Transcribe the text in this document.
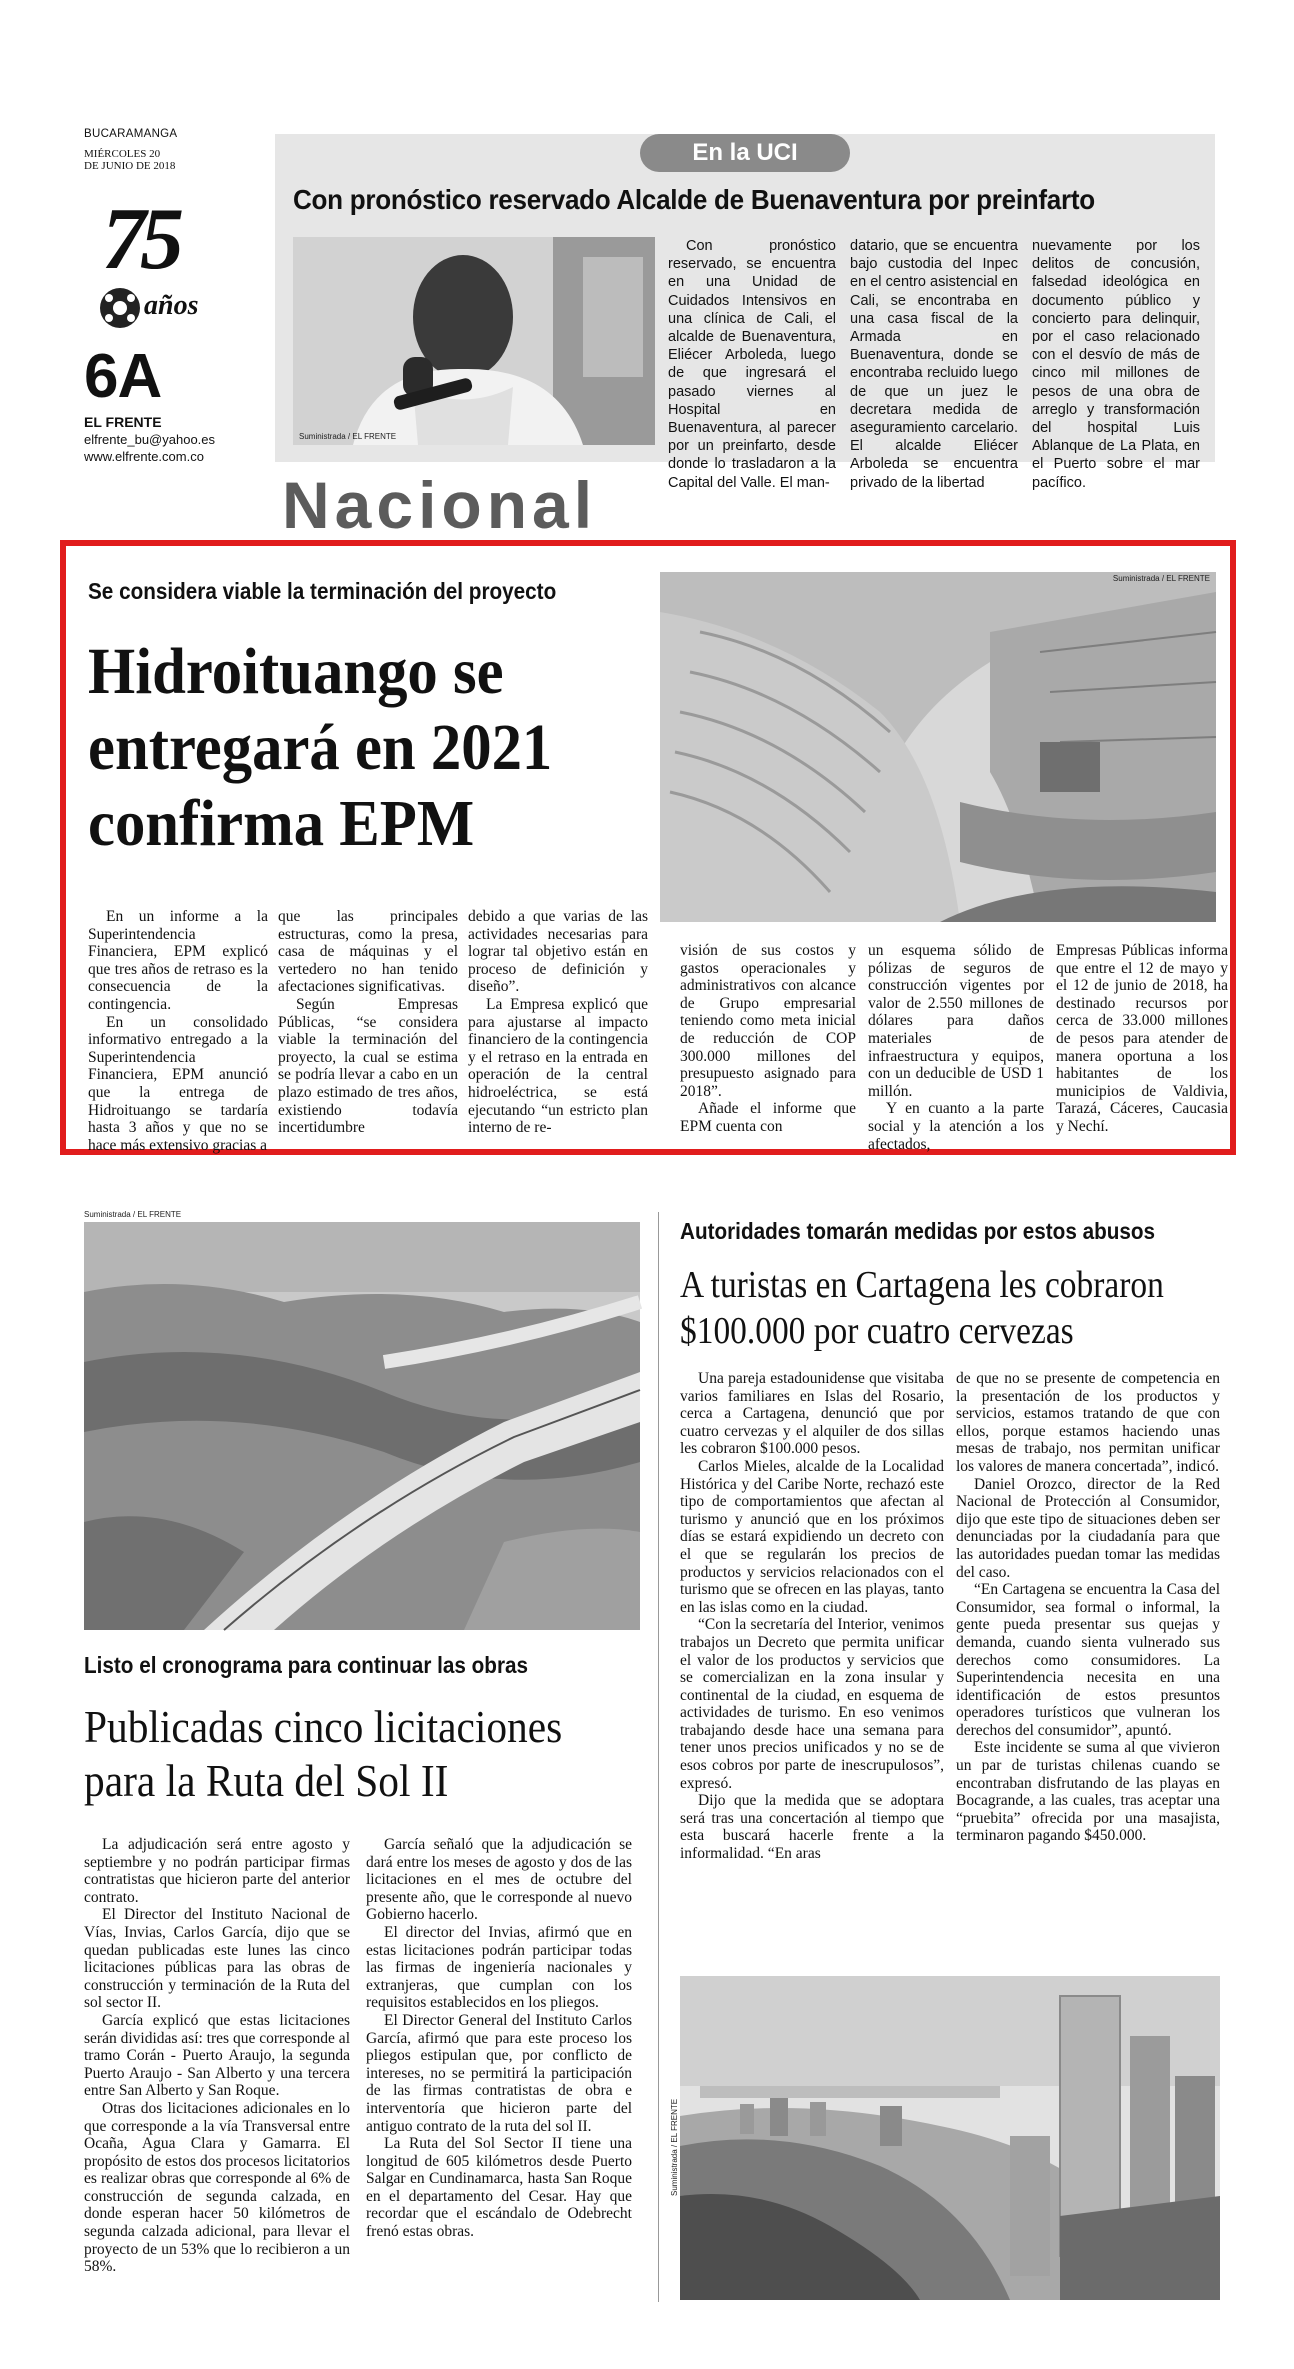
BUCARAMANGA
MIÉRCOLES 20
DE JUNIO DE 2018
75
años
6A
EL FRENTE
elfrente_bu@yahoo.es
www.elfrente.com.co
En la UCI
Con pronóstico reservado Alcalde de Buenaventura por preinfarto
Suministrada / EL FRENTE

Con pronóstico reservado, se encuentra en una Unidad de Cuidados Intensivos en una clínica de Cali, el alcalde de Buenaventura, Eliécer Arboleda, luego de que ingresará el pasado viernes al Hospital en Buenaventura, al parecer por un preinfarto, desde donde lo trasladaron a la Capital del Valle. El man-

datario, que se encuentra bajo custodia del Inpec en el centro asistencial en Cali, se encontraba en una casa fiscal de la Armada en Buenaventura, donde se encontraba recluido luego de que un juez le decretara medida de aseguramiento carcelario. El alcalde Eliécer Arboleda se encuentra privado de la libertad

nuevamente por los delitos de concusión, falsedad ideológica en documento público y concierto para delinquir, por el caso relacionado con el desvío de más de cinco mil millones de pesos de una obra de arreglo y transformación del hospital Luis Ablanque de La Plata, en el Puerto sobre el mar pacífico.

Nacional
Se considera viable la terminación del proyecto
Hidroituango se
entregará en 2021
confirma EPM
Suministrada / EL FRENTE

En un informe a la Superintendencia Financiera, EPM explicó que tres años de retraso es la consecuencia de la contingencia.

En un consolidado informativo entregado a la Superintendencia Financiera, EPM anunció que la entrega de Hidroituango se tardaría hasta 3 años y que no se hace más extensivo gracias a

que las principales estructuras, como la presa, casa de máquinas y el vertedero no han tenido afectaciones significativas.

Según Empresas Públicas, “se considera viable la terminación del proyecto, la cual se estima se podría llevar a cabo en un plazo estimado de tres años, existiendo todavía incertidumbre

debido a que varias de las actividades necesarias para lograr tal objetivo están en proceso de definición y diseño”.

La Empresa explicó que para ajustarse al impacto financiero de la contingencia y el retraso en la entrada en operación de la central hidroeléctrica, se está ejecutando “un estricto plan interno de re-

visión de sus costos y gastos operacionales y administrativos con alcance de Grupo empresarial teniendo como meta inicial de reducción de COP 300.000 millones del presupuesto asignado para 2018”.

Añade el informe que EPM cuenta con

un esquema sólido de pólizas de seguros de construcción vigentes por valor de 2.550 millones de dólares para daños materiales de infraestructura y equipos, con un deducible de USD 1 millón.

Y en cuanto a la parte social y la atención a los afectados,

Empresas Públicas informa que entre el 12 de mayo y el 12 de junio de 2018, ha destinado recursos por cerca de 33.000 millones de pesos para atender de manera oportuna a los habitantes de los municipios de Valdivia, Tarazá, Cáceres, Caucasia y Nechí.

Suministrada / EL FRENTE
Listo el cronograma para continuar las obras
Publicadas cinco licitaciones
para la Ruta del Sol II

La adjudicación será entre agosto y septiembre y no podrán participar firmas contratistas que hicieron parte del anterior contrato.

El Director del Instituto Nacional de Vías, Invias, Carlos García, dijo que se quedan publicadas este lunes las cinco licitaciones públicas para las obras de construcción y terminación de la Ruta del sol sector II.

García explicó que estas licitaciones serán divididas así: tres que corresponde al tramo Corán - Puerto Araujo, la segunda Puerto Araujo - San Alberto y una tercera entre San Alberto y San Roque.

Otras dos licitaciones adicionales en lo que corresponde a la vía Transversal entre Ocaña, Agua Clara y Gamarra. El propósito de estos dos procesos licitatorios es realizar obras que corresponde al 6% de construcción de segunda calzada, en donde esperan hacer 50 kilómetros de segunda calzada adicional, para llevar el proyecto de un 53% que lo recibieron a un 58%.

García señaló que la adjudicación se dará entre los meses de agosto y dos de las licitaciones en el mes de octubre del presente año, que le corresponde al nuevo Gobierno hacerlo.

El director del Invias, afirmó que en estas licitaciones podrán participar todas las firmas de ingeniería nacionales y extranjeras, que cumplan con los requisitos establecidos en los pliegos.

El Director General del Instituto Carlos García, afirmó que para este proceso los pliegos estipulan que, por conflicto de intereses, no se permitirá la participación de las firmas contratistas de obra e interventoría que hicieron parte del antiguo contrato de la ruta del sol II.

La Ruta del Sol Sector II tiene una longitud de 605 kilómetros desde Puerto Salgar en Cundinamarca, hasta San Roque en el departamento del Cesar. Hay que recordar que el escándalo de Odebrecht frenó estas obras.

Autoridades tomarán medidas por estos abusos
A turistas en Cartagena les cobraron
$100.000 por cuatro cervezas

Una pareja estadounidense que visitaba varios familiares en Islas del Rosario, cerca a Cartagena, denunció que por cuatro cervezas y el alquiler de dos sillas les cobraron $100.000 pesos.

Carlos Mieles, alcalde de la Localidad Histórica y del Caribe Norte, rechazó este tipo de comportamientos que afectan al turismo y anunció que en los próximos días se estará expidiendo un decreto con el que se regularán los precios de productos y servicios relacionados con el turismo que se ofrecen en las playas, tanto en las islas como en la ciudad.

“Con la secretaría del Interior, venimos trabajos un Decreto que permita unificar el valor de los productos y servicios que se comercializan en la zona insular y continental de la ciudad, en esquema de actividades de turismo. En eso venimos trabajando desde hace una semana para tener unos precios unificados y no se de esos cobros por parte de inescrupulosos”, expresó.

Dijo que la medida que se adoptara será tras una concertación al tiempo que esta buscará hacerle frente a la informalidad. “En aras

de que no se presente de competencia en la presentación de los productos y servicios, estamos tratando de que con ellos, porque estamos haciendo unas mesas de trabajo, nos permitan unificar los valores de manera concertada”, indicó.

Daniel Orozco, director de la Red Nacional de Protección al Consumidor, dijo que este tipo de situaciones deben ser denunciadas por la ciudadanía para que las autoridades puedan tomar las medidas del caso.

“En Cartagena se encuentra la Casa del Consumidor, sea formal o informal, la gente pueda presentar sus quejas y demanda, cuando sienta vulnerado sus derechos como consumidores. La Superintendencia necesita en una identificación de estos presuntos operadores turísticos que vulneran los derechos del consumidor”, apuntó.

Este incidente se suma al que vivieron un par de turistas chilenas cuando se encontraban disfrutando de las playas en Bocagrande, a las cuales, tras aceptar una “pruebita” ofrecida por una masajista, terminaron pagando $450.000.

Suministrada / EL FRENTE
